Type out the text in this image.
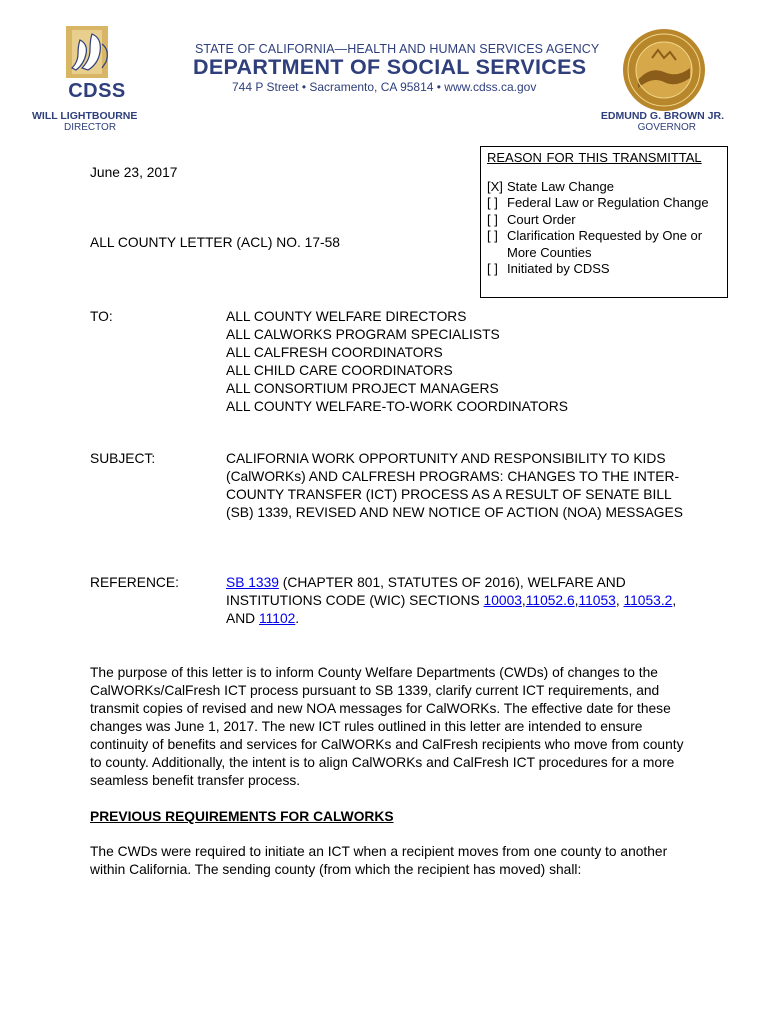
CDSS
STATE OF CALIFORNIA—HEALTH AND HUMAN SERVICES AGENCY
DEPARTMENT OF SOCIAL SERVICES
744 P Street • Sacramento, CA 95814 • www.cdss.ca.gov
WILL LIGHTBOURNE
DIRECTOR
EDMUND G. BROWN JR.
GOVERNOR
June 23, 2017
ALL COUNTY LETTER (ACL) NO. 17-58
REASON FOR THIS TRANSMITTAL
[X] State Law Change
[ ] Federal Law or Regulation Change
[ ] Court Order
[ ] Clarification Requested by One or More Counties
[ ] Initiated by CDSS
TO:	ALL COUNTY WELFARE DIRECTORS
ALL CALWORKS PROGRAM SPECIALISTS
ALL CALFRESH COORDINATORS
ALL CHILD CARE COORDINATORS
ALL CONSORTIUM PROJECT MANAGERS
ALL COUNTY WELFARE-TO-WORK COORDINATORS
SUBJECT:	CALIFORNIA WORK OPPORTUNITY AND RESPONSIBILITY TO KIDS (CalWORKs) AND CALFRESH PROGRAMS: CHANGES TO THE INTER-COUNTY TRANSFER (ICT) PROCESS AS A RESULT OF SENATE BILL (SB) 1339, REVISED AND NEW NOTICE OF ACTION (NOA) MESSAGES
REFERENCE:	SB 1339 (CHAPTER 801, STATUTES OF 2016), WELFARE AND INSTITUTIONS CODE (WIC) SECTIONS 10003,11052.6,11053, 11053.2, AND 11102.
The purpose of this letter is to inform County Welfare Departments (CWDs) of changes to the CalWORKs/CalFresh ICT process pursuant to SB 1339, clarify current ICT requirements, and transmit copies of revised and new NOA messages for CalWORKs. The effective date for these changes was June 1, 2017. The new ICT rules outlined in this letter are intended to ensure continuity of benefits and services for CalWORKs and CalFresh recipients who move from county to county. Additionally, the intent is to align CalWORKs and CalFresh ICT procedures for a more seamless benefit transfer process.
PREVIOUS REQUIREMENTS FOR CALWORKS
The CWDs were required to initiate an ICT when a recipient moves from one county to another within California. The sending county (from which the recipient has moved) shall:
